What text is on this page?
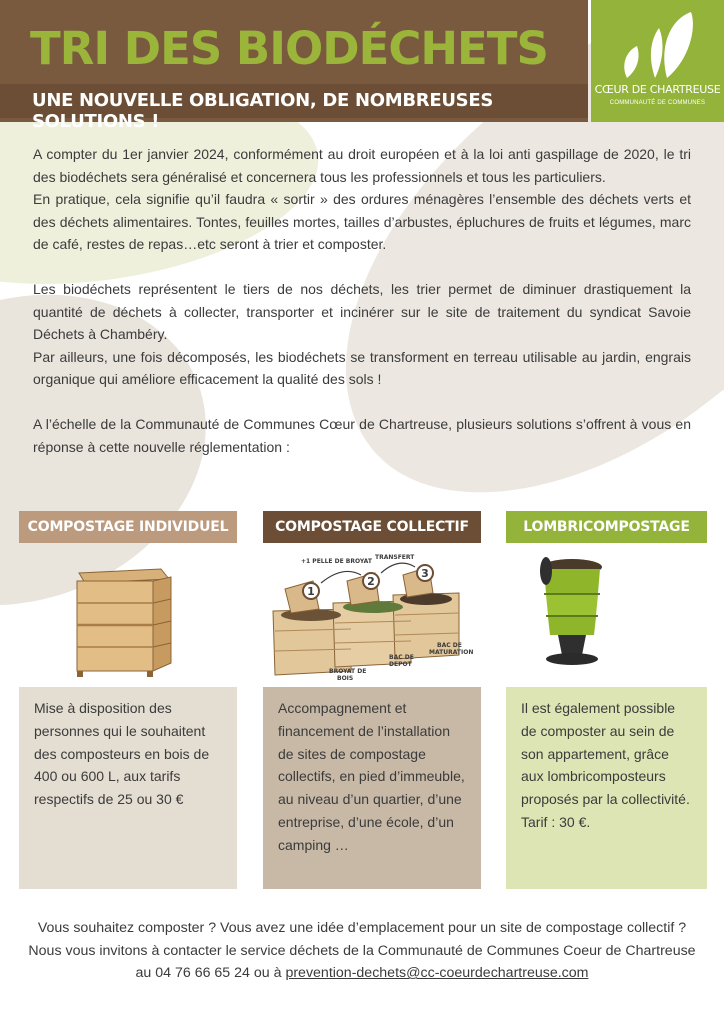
TRI DES BIODÉCHETS
UNE NOUVELLE OBLIGATION, DE NOMBREUSES SOLUTIONS !
CŒUR DE CHARTREUSE
COMMUNAUTÉ DE COMMUNES

A compter du 1er janvier 2024, conformément au droit européen et à la loi anti gaspillage de 2020, le tri des biodéchets sera généralisé et concernera tous les professionnels et tous les particuliers.

En pratique, cela signifie qu’il faudra « sortir » des ordures ménagères l’ensemble des déchets verts et des déchets alimentaires. Tontes, feuilles mortes, tailles d’arbustes, épluchures de fruits et légumes, marc de café, restes de repas…etc seront à trier et composter.

Les biodéchets représentent le tiers de nos déchets, les trier permet de diminuer drastiquement la quantité de déchets à collecter, transporter et incinérer sur le site de traitement du syndicat Savoie Déchets à Chambéry.

Par ailleurs, une fois décomposés, les biodéchets se transforment en terreau utilisable au jardin, engrais organique qui améliore efficacement la qualité des sols !

A l’échelle de la Communauté de Communes Cœur de Chartreuse, plusieurs solutions s’offrent à vous en réponse à cette nouvelle réglementation :

COMPOSTAGE INDIVIDUEL
Mise à disposition des personnes qui le souhaitent des composteurs en bois de 400 ou 600 L, aux tarifs respectifs de 25 ou 30 €
COMPOSTAGE COLLECTIF
1
2
3
+1 PELLE DE BROYAT
TRANSFERT
BAC DE
MATURATION
BAC DE
DEPOT
BROYAT DE
BOIS
Accompagnement et financement de l’installation de sites de compostage collectifs, en pied d’immeuble, au niveau d’un quartier, d’une entreprise, d’une école, d’un camping …
LOMBRICOMPOSTAGE
Il est également possible de composter au sein de son appartement, grâce aux lombricomposteurs proposés par la collectivité.
Tarif : 30 €.
Vous souhaitez composter ? Vous avez une idée d’emplacement pour un site de compostage collectif ? Nous vous invitons à contacter le service déchets de la Communauté de Communes Coeur de Chartreuse au 04 76 66 65 24 ou à prevention-dechets@cc-coeurdechartreuse.com
